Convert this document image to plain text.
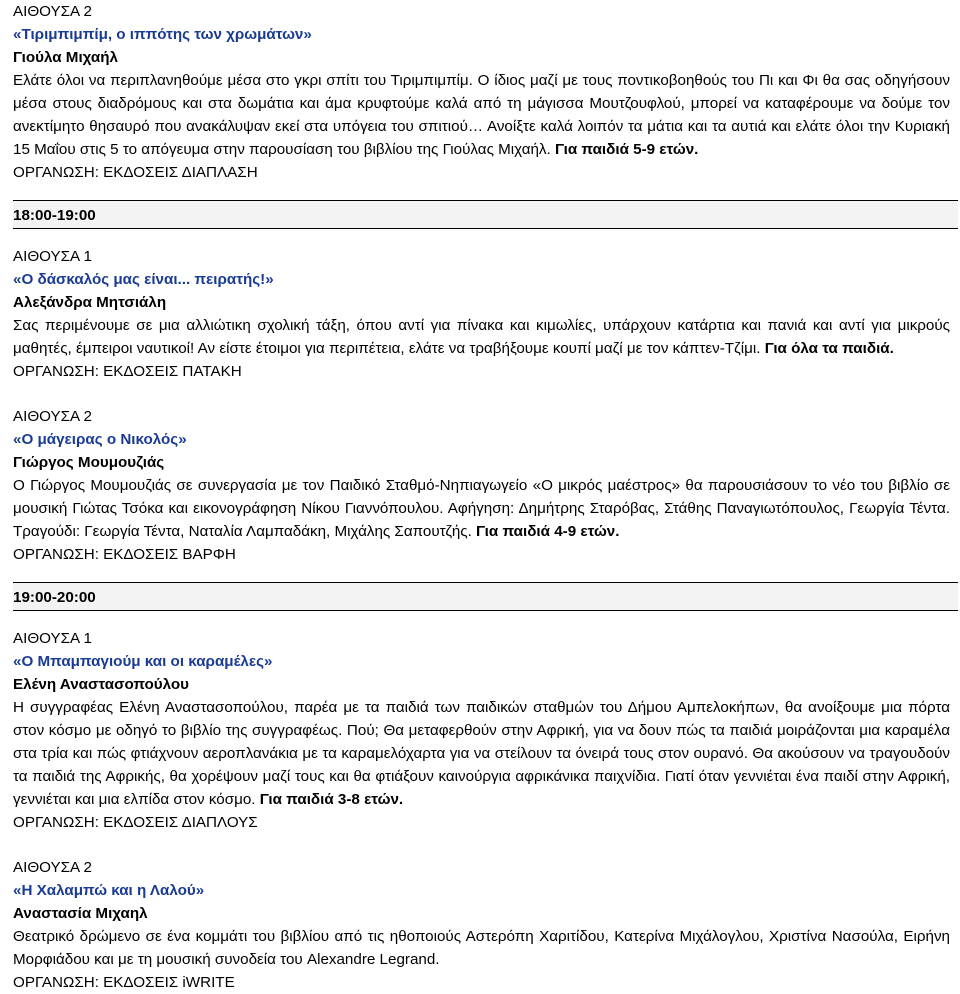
ΑΙΘΟΥΣΑ 2
«Τιριμπιμπίμ, ο ιππότης των χρωμάτων»
Γιούλα Μιχαήλ
Ελάτε όλοι να περιπλανηθούμε μέσα στο γκρι σπίτι του Τιριμπιμπίμ. Ο ίδιος μαζί με τους ποντικοβοηθούς του Πι και Φι θα σας οδηγήσουν μέσα στους διαδρόμους και στα δωμάτια και άμα κρυφτούμε καλά από τη μάγισσα Μουτζουφλού, μπορεί να καταφέρουμε να δούμε τον ανεκτίμητο θησαυρό που ανακάλυψαν εκεί στα υπόγεια του σπιτιού… Ανοίξτε καλά λοιπόν τα μάτια και τα αυτιά και ελάτε όλοι την Κυριακή 15 Μαΐου στις 5 το απόγευμα στην παρουσίαση του βιβλίου της Γιούλας Μιχαήλ. Για παιδιά 5-9 ετών.
ΟΡΓΑΝΩΣΗ: ΕΚΔΟΣΕΙΣ ΔΙΑΠΛΑΣΗ
18:00-19:00
ΑΙΘΟΥΣΑ 1
«Ο δάσκαλός μας είναι... πειρατής!»
Αλεξάνδρα Μητσιάλη
Σας περιμένουμε σε μια αλλιώτικη σχολική τάξη, όπου αντί για πίνακα και κιμωλίες, υπάρχουν κατάρτια και πανιά και αντί για μικρούς μαθητές, έμπειροι ναυτικοί! Αν είστε έτοιμοι για περιπέτεια, ελάτε να τραβήξουμε κουπί μαζί με τον κάπτεν-Τζίμι. Για όλα τα παιδιά.
ΟΡΓΑΝΩΣΗ: ΕΚΔΟΣΕΙΣ ΠΑΤΑΚΗ
ΑΙΘΟΥΣΑ 2
«Ο μάγειρας ο Νικολός»
Γιώργος Μουμουζιάς
Ο Γιώργος Μουμουζιάς σε συνεργασία με τον Παιδικό Σταθμό-Νηπιαγωγείο «Ο μικρός μαέστρος» θα παρουσιάσουν το νέο του βιβλίο σε μουσική Γιώτας Τσόκα και εικονογράφηση Νίκου Γιαννόπουλου. Αφήγηση: Δημήτρης Σταρόβας, Στάθης Παναγιωτόπουλος, Γεωργία Τέντα. Τραγούδι: Γεωργία Τέντα, Ναταλία Λαμπαδάκη, Μιχάλης Σαπουτζής. Για παιδιά 4-9 ετών.
ΟΡΓΑΝΩΣΗ: ΕΚΔΟΣΕΙΣ ΒΑΡΦΗ
19:00-20:00
ΑΙΘΟΥΣΑ 1
«Ο Μπαμπαγιούμ και οι καραμέλες»
Ελένη Αναστασοπούλου
Η συγγραφέας Ελένη Αναστασοπούλου, παρέα με τα παιδιά των παιδικών σταθμών του Δήμου Αμπελοκήπων, θα ανοίξουμε μια πόρτα στον κόσμο με οδηγό το βιβλίο της συγγραφέως. Πού; Θα μεταφερθούν στην Αφρική, για να δουν πώς τα παιδιά μοιράζονται μια καραμέλα στα τρία και πώς φτιάχνουν αεροπλανάκια με τα καραμελόχαρτα για να στείλουν τα όνειρά τους στον ουρανό. Θα ακούσουν να τραγουδούν τα παιδιά της Αφρικής, θα χορέψουν μαζί τους και θα φτιάξουν καινούργια αφρικάνικα παιχνίδια. Γιατί όταν γεννιέται ένα παιδί στην Αφρική, γεννιέται και μια ελπίδα στον κόσμο. Για παιδιά 3-8 ετών.
ΟΡΓΑΝΩΣΗ: ΕΚΔΟΣΕΙΣ ΔΙΑΠΛΟΥΣ
ΑΙΘΟΥΣΑ 2
«Η Χαλαμπώ και η Λαλού»
Αναστασία Μιχαηλ
Θεατρικό δρώμενο σε ένα κομμάτι του βιβλίου από τις ηθοποιούς Αστερόπη Χαριτίδου, Κατερίνα Μιχάλογλου, Χριστίνα Νασούλα, Ειρήνη Μορφιάδου και με τη μουσική συνοδεία του Alexandre Legrand.
ΟΡΓΑΝΩΣΗ: ΕΚΔΟΣΕΙΣ iWRITE
